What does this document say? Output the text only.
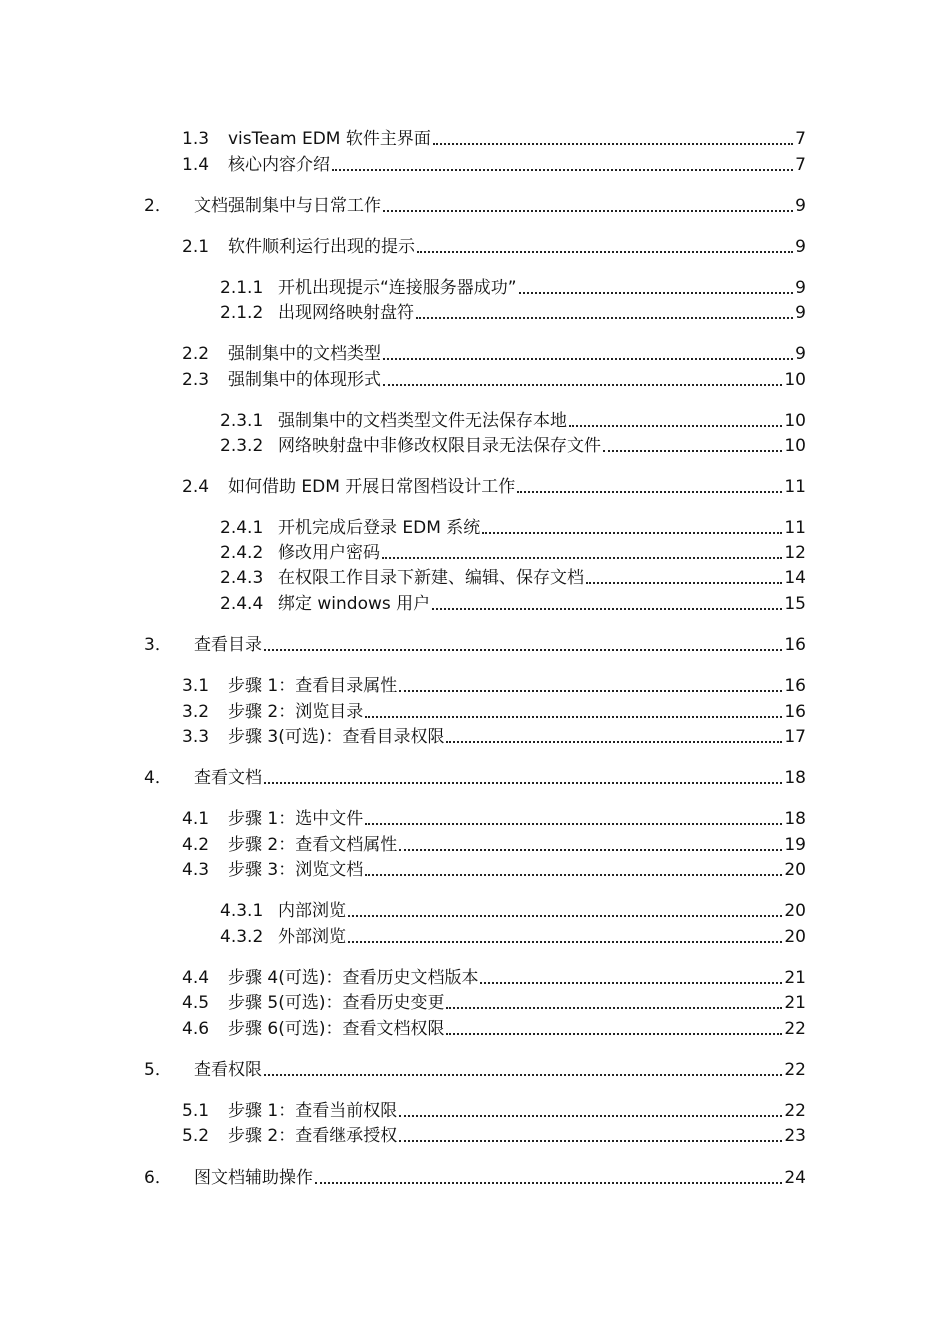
1.3	visTeam EDM 软件主界面	7
1.4	核心内容介绍	7
2．	文档强制集中与日常工作	9
2.1	软件顺利运行出现的提示	9
2.1.1 开机出现提示“连接服务器成功”	9
2.1.2 出现网络映射盘符	9
2.2	强制集中的文档类型	9
2.3	强制集中的体现形式	10
2.3.1 强制集中的文档类型文件无法保存本地	10
2.3.2 网络映射盘中非修改权限目录无法保存文件	10
2.4	如何借助 EDM 开展日常图档设计工作	11
2.4.1 开机完成后登录 EDM 系统	11
2.4.2 修改用户密码	12
2.4.3 在权限工作目录下新建、编辑、保存文档	14
2.4.4 绑定 windows 用户	15
3．	查看目录	16
3.1	步骤 1：查看目录属性	16
3.2	步骤 2：浏览目录	16
3.3	步骤 3(可选)：查看目录权限	17
4．	查看文档	18
4.1	步骤 1：选中文件	18
4.2	步骤 2：查看文档属性	19
4.3	步骤 3：浏览文档	20
4.3.1 内部浏览	20
4.3.2 外部浏览	20
4.4	步骤 4(可选)：查看历史文档版本	21
4.5	步骤 5(可选)：查看历史变更	21
4.6	步骤 6(可选)：查看文档权限	22
5．	查看权限	22
5.1	步骤 1：查看当前权限	22
5.2	步骤 2：查看继承授权	23
6．	图文档辅助操作	24
